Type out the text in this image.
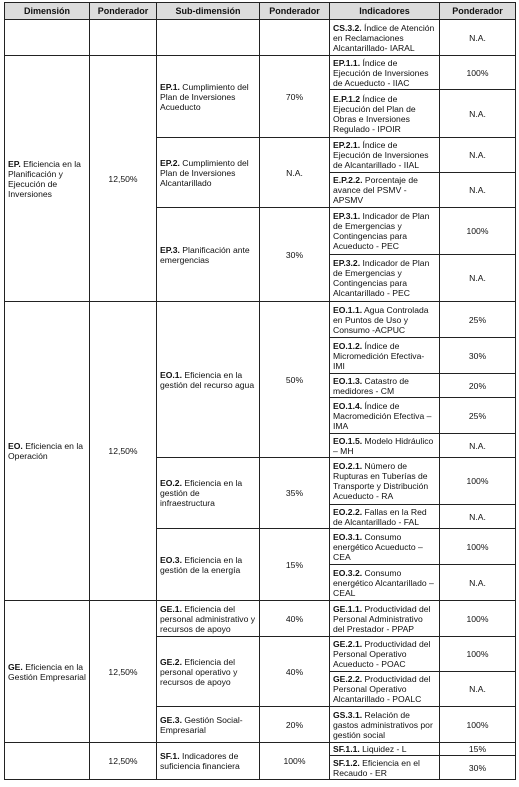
Dimensión	Ponderador	Sub-dimensión	Ponderador	Indicadores	Ponderador
				CS.3.2. Índice de Atención en Reclamaciones Alcantarillado- IARAL	N.A.
EP. Eficiencia en la Planificación y Ejecución de Inversiones	12,50%	EP.1. Cumplimiento del Plan de Inversiones Acueducto	70%	EP.1.1. Índice de Ejecución de Inversiones de Acueducto - IIAC	100%
				E.P.1.2 Índice de Ejecución del Plan de Obras e Inversiones Regulado - IPOIR	N.A.
		EP.2. Cumplimiento del Plan de Inversiones Alcantarillado	N.A.	EP.2.1. Índice de Ejecución de Inversiones de Alcantarillado - IIAL	N.A.
				E.P.2.2. Porcentaje de avance del PSMV - APSMV	N.A.
		EP.3. Planificación ante emergencias	30%	EP.3.1. Indicador de Plan de Emergencias y Contingencias para Acueducto - PEC	100%
				EP.3.2. Indicador de Plan de Emergencias y Contingencias para Alcantarillado - PEC	N.A.
EO. Eficiencia en la Operación	12,50%	EO.1. Eficiencia en la gestión del recurso agua	50%	EO.1.1. Agua Controlada en Puntos de Uso y Consumo -ACPUC	25%
				EO.1.2. Índice de Micromedición Efectiva-IMI	30%
				EO.1.3. Catastro de medidores - CM	20%
				EO.1.4. Índice de Macromedición Efectiva – IMA	25%
				EO.1.5. Modelo Hidráulico – MH	N.A.
		EO.2. Eficiencia en la gestión de infraestructura	35%	EO.2.1. Número de Rupturas en Tuberías de Transporte y Distribución Acueducto - RA	100%
				EO.2.2. Fallas en la Red de Alcantarillado - FAL	N.A.
		EO.3. Eficiencia en la gestión de la energía	15%	EO.3.1. Consumo energético Acueducto – CEA	100%
				EO.3.2. Consumo energético Alcantarillado – CEAL	N.A.
GE. Eficiencia en la Gestión Empresarial	12,50%	GE.1. Eficiencia del personal administrativo y recursos de apoyo	40%	GE.1.1. Productividad del Personal Administrativo del Prestador - PPAP	100%
		GE.2. Eficiencia del personal operativo y recursos de apoyo	40%	GE.2.1. Productividad del Personal Operativo Acueducto - POAC	100%
				GE.2.2. Productividad del Personal Operativo Alcantarillado - POALC	N.A.
		GE.3. Gestión Social-Empresarial	20%	GS.3.1. Relación de gastos administrativos por gestión social	100%
	12,50%	SF.1. Indicadores de suficiencia financiera	100%	SF.1.1. Liquidez - L	15%
				SF.1.2. Eficiencia en el Recaudo - ER	30%
